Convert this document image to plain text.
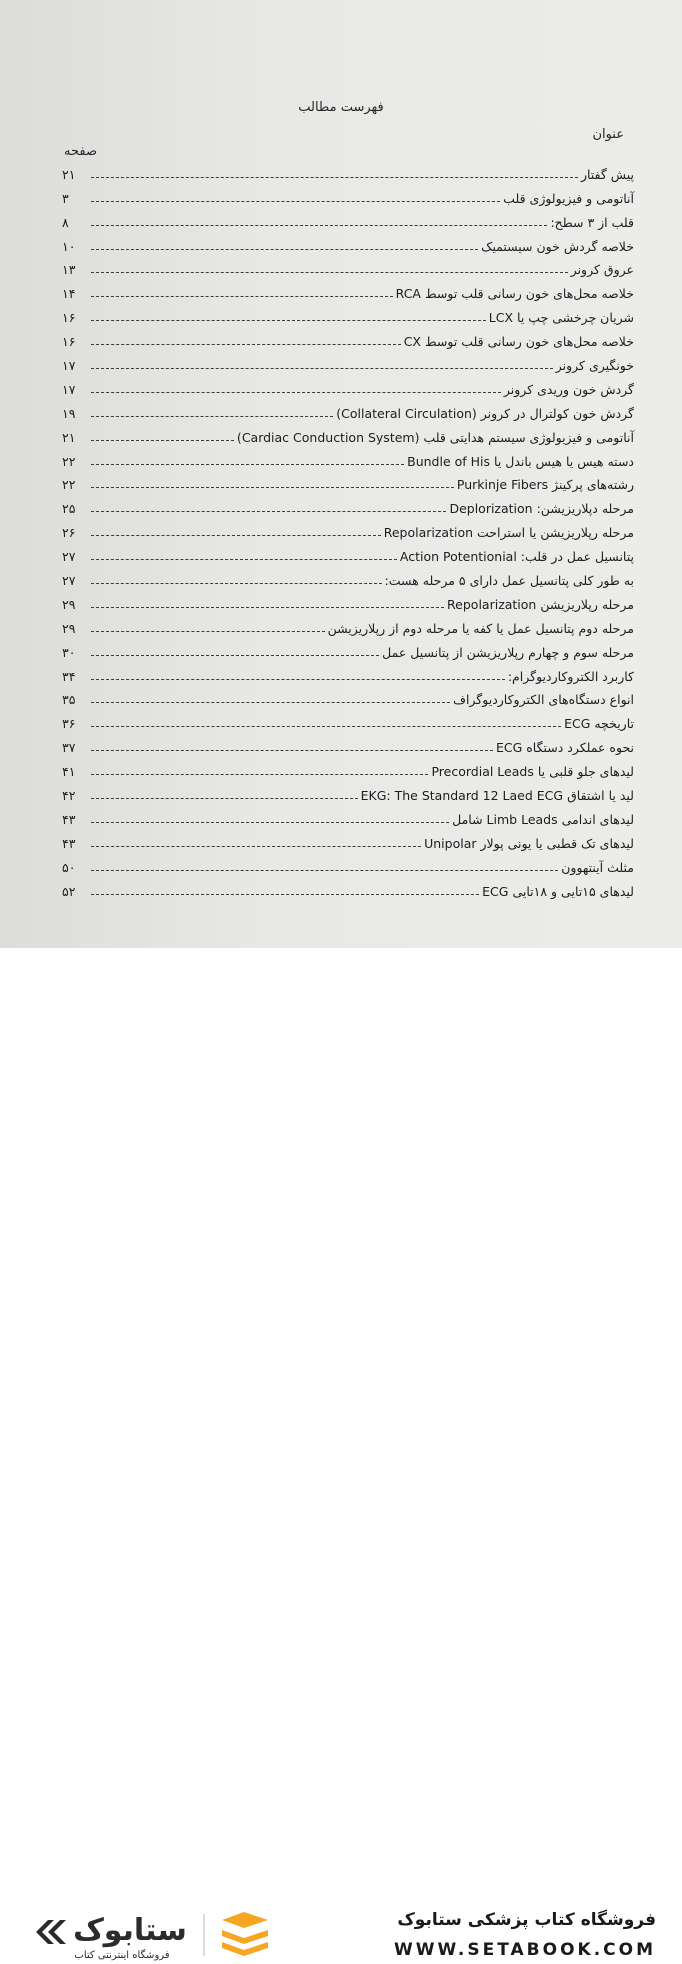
فهرست مطالب
عنوان
صفحه
پیش گفتار
۲۱
آناتومی و فیزیولوژی قلب
۳
قلب از ۳ سطح:
۸
خلاصه گردش خون سیستمیک
۱۰
عروق کرونر
۱۳
خلاصه محل‌های خون رسانی قلب توسط RCA
۱۴
شریان چرخشی چپ یا LCX
۱۶
خلاصه محل‌های خون رسانی قلب توسط CX
۱۶
خونگیری کرونر
۱۷
گردش خون وریدی کرونر
۱۷
گردش خون کولترال در کرونر (Collateral Circulation)
۱۹
آناتومی و فیزیولوژی سیستم هدایتی قلب (Cardiac Conduction System)
۲۱
دسته هیس یا هیس باندل یا Bundle of His
۲۲
رشته‌های پرکینژ Purkinje Fibers
۲۲
مرحله دپلاریزیشن: Deplorization
۲۵
مرحله رپلاریزیشن یا استراحت Repolarization
۲۶
پتانسیل عمل در قلب: Action Potentionial
۲۷
به طور کلی پتانسیل عمل دارای ۵ مرحله هست:
۲۷
مرحله رپلاریزیشن Repolarization
۲۹
مرحله دوم پتانسیل عمل یا کفه یا مرحله دوم از رپلاریزیشن
۲۹
مرحله سوم و چهارم رپلاریزیشن از پتانسیل عمل
۳۰
کاربرد الکتروکاردیوگرام:
۳۴
انواع دستگاه‌های الکتروکاردیوگراف
۳۵
تاریخچه ECG
۳۶
نحوه عملکرد دستگاه ECG
۳۷
لیدهای جلو قلبی یا Precordial Leads
۴۱
لید یا اشتقاق EKG: The Standard 12 Laed ECG
۴۲
لیدهای اندامی Limb Leads شامل
۴۳
لیدهای تک قطبی یا یونی پولار Unipolar
۴۳
مثلث آینتهوون
۵۰
لیدهای ۱۵تایی و ۱۸تایی ECG
۵۲
ستابوک
فروشگاه اینترنتی کتاب
فروشگاه کتاب پزشکی ستابوک
WWW.SETABOOK.COM
